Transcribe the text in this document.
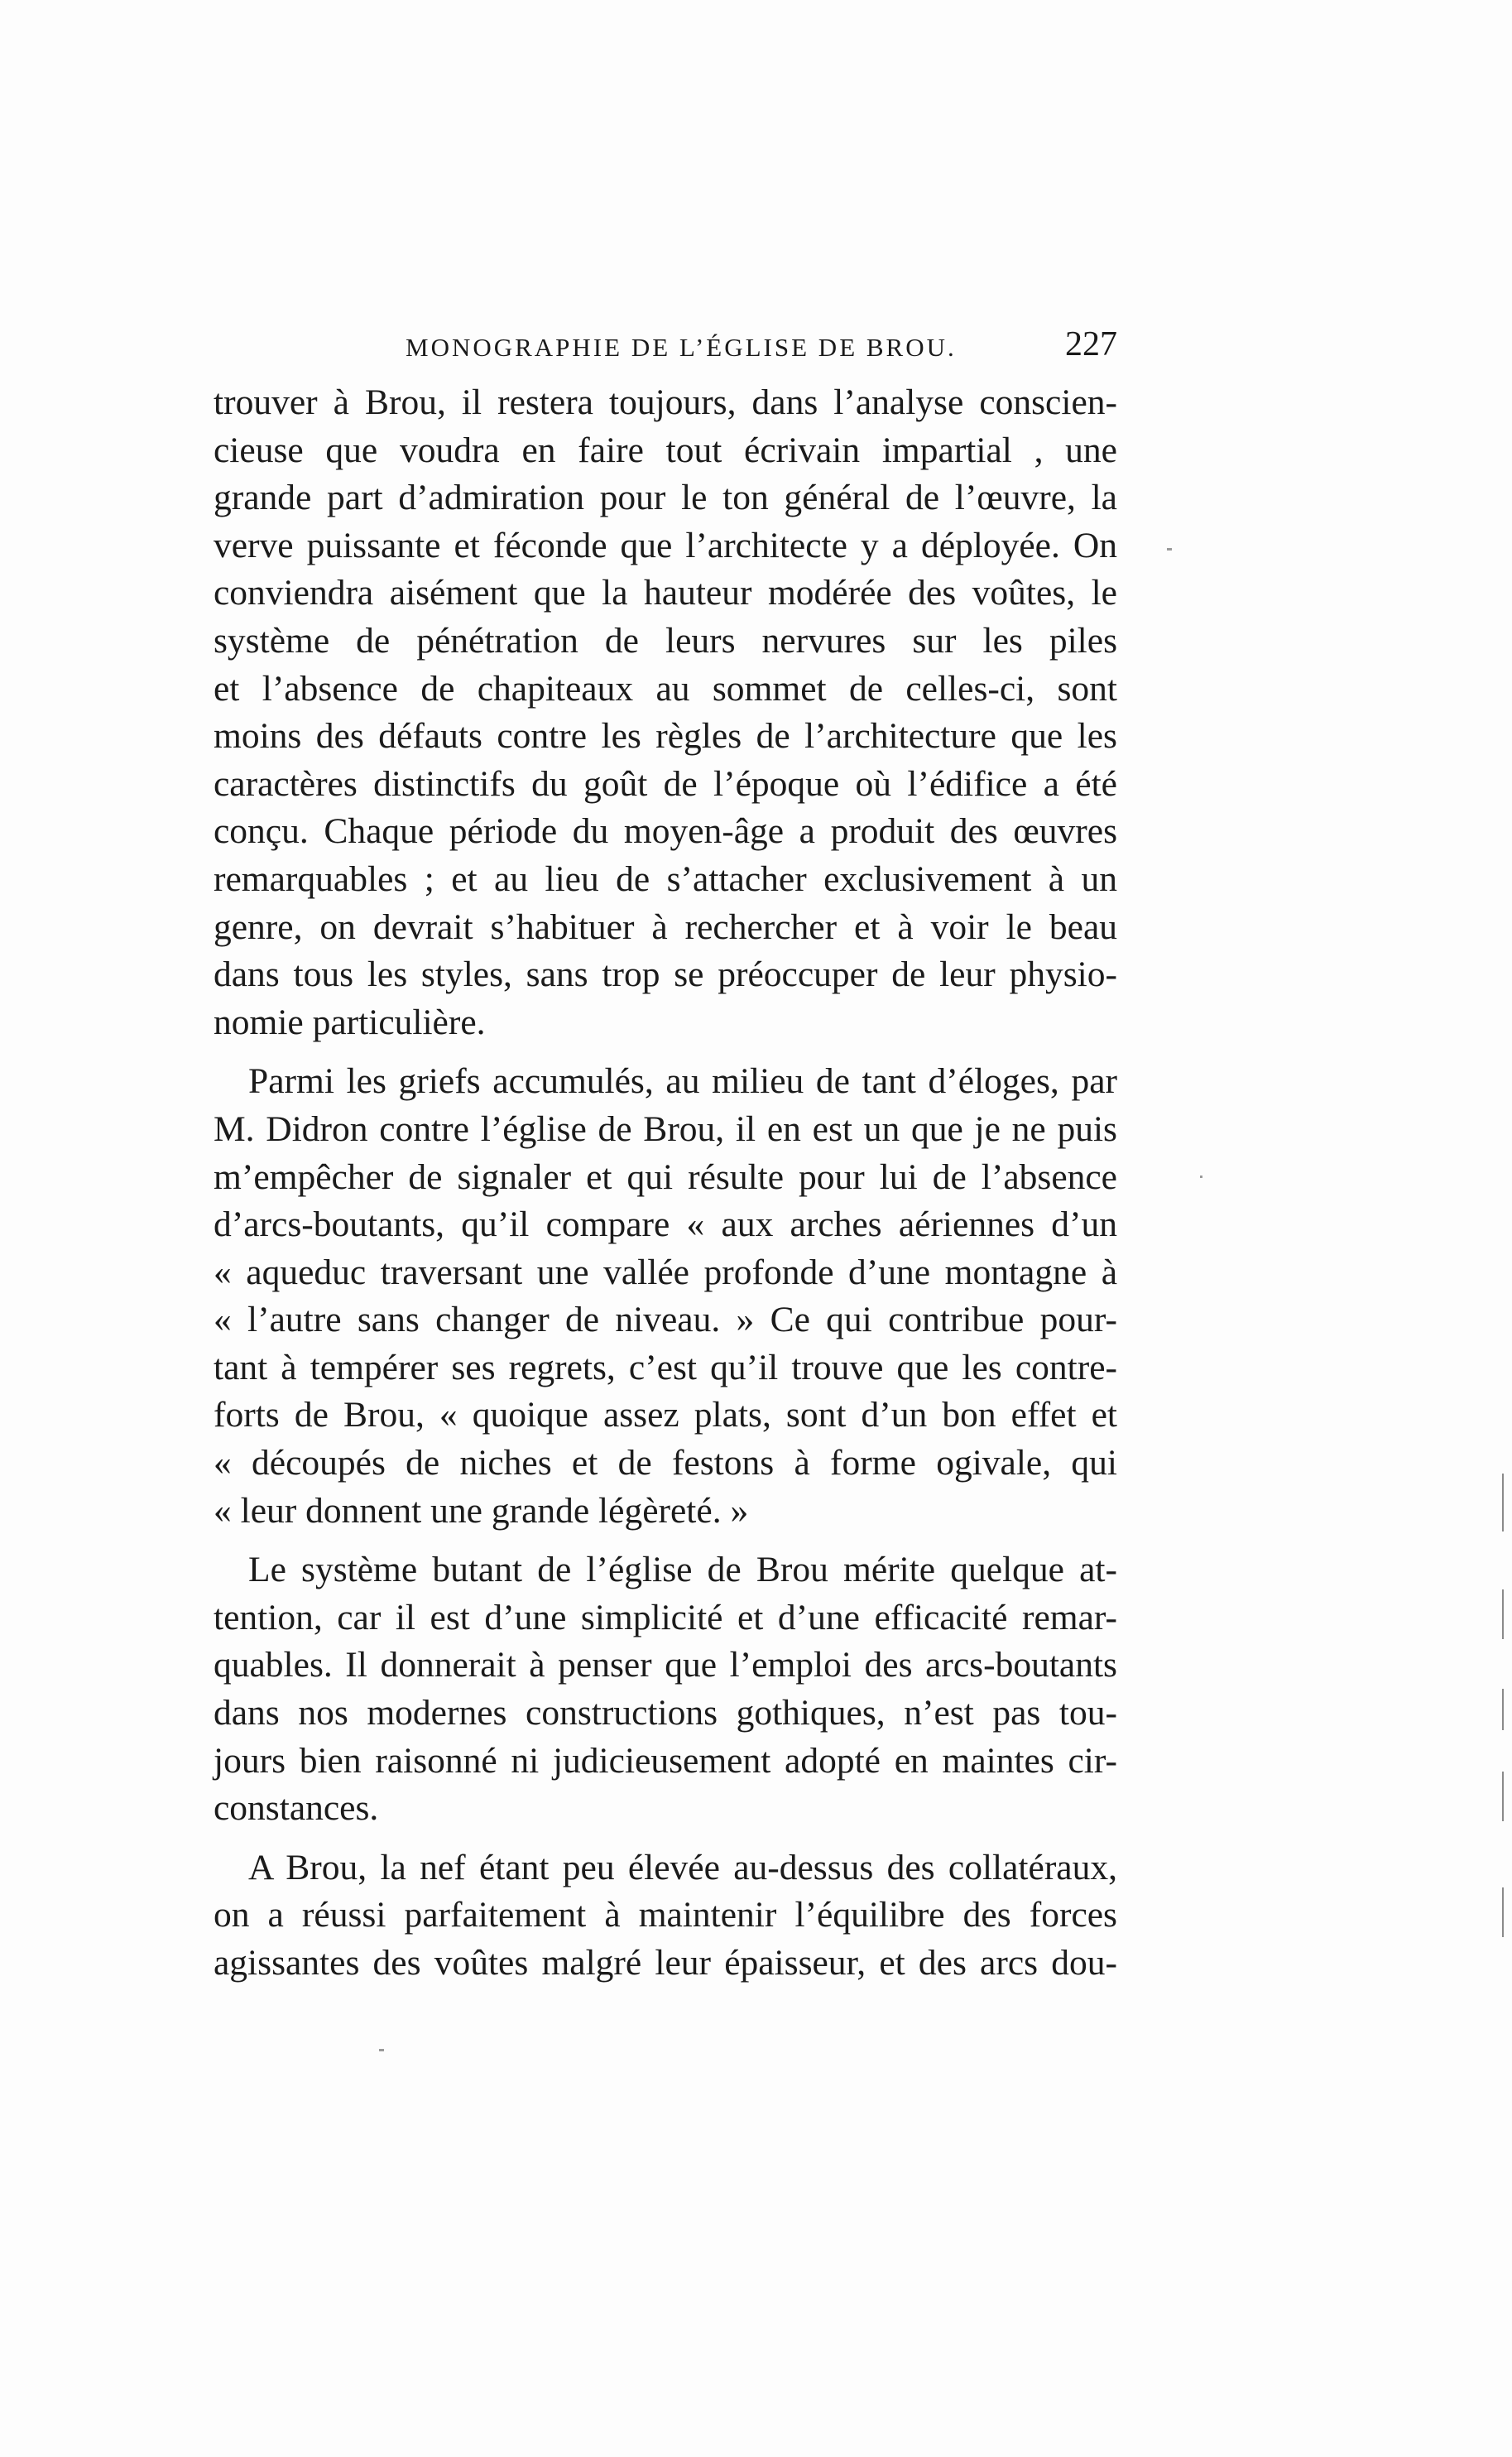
MONOGRAPHIE DE L’ÉGLISE DE BROU.	227

trouver à Brou, il restera toujours, dans l’analyse conscien-

cieuse que voudra en faire tout écrivain impartial , une

grande part d’admiration pour le ton général de l’œuvre, la

verve puissante et féconde que l’architecte y a déployée. On

conviendra aisément que la hauteur modérée des voûtes, le

système de pénétration de leurs nervures sur les piles

et l’absence de chapiteaux au sommet de celles-ci, sont

moins des défauts contre les règles de l’architecture que les

caractères distinctifs du goût de l’époque où l’édifice a été

conçu. Chaque période du moyen-âge a produit des œuvres

remarquables ; et au lieu de s’attacher exclusivement à un

genre, on devrait s’habituer à rechercher et à voir le beau

dans tous les styles, sans trop se préoccuper de leur physio-

nomie particulière.

Parmi les griefs accumulés, au milieu de tant d’éloges, par

M. Didron contre l’église de Brou, il en est un que je ne puis

m’empêcher de signaler et qui résulte pour lui de l’absence

d’arcs-boutants, qu’il compare « aux arches aériennes d’un

« aqueduc traversant une vallée profonde d’une montagne à

« l’autre sans changer de niveau. » Ce qui contribue pour-

tant à tempérer ses regrets, c’est qu’il trouve que les contre-

forts de Brou, « quoique assez plats, sont d’un bon effet et

« découpés de niches et de festons à forme ogivale, qui

« leur donnent une grande légèreté. »

Le système butant de l’église de Brou mérite quelque at-

tention, car il est d’une simplicité et d’une efficacité remar-

quables. Il donnerait à penser que l’emploi des arcs-boutants

dans nos modernes constructions gothiques, n’est pas tou-

jours bien raisonné ni judicieusement adopté en maintes cir-

constances.

A Brou, la nef étant peu élevée au-dessus des collatéraux,

on a réussi parfaitement à maintenir l’équilibre des forces

agissantes des voûtes malgré leur épaisseur, et des arcs dou-
